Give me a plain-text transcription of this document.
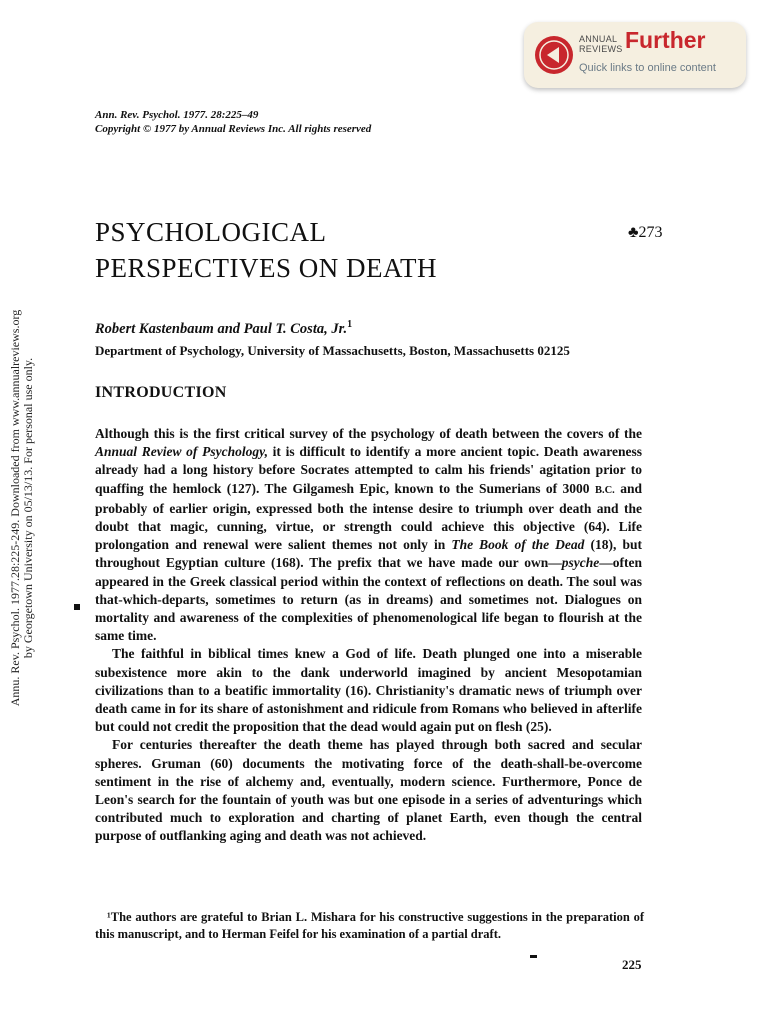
ANNUAL
REVIEWS Further
Quick links to online content
Annu. Rev. Psychol. 1977.28:225-249. Downloaded from www.annualreviews.org by Georgetown University on 05/13/13. For personal use only.
Ann. Rev. Psychol. 1977. 28:225–49
Copyright © 1977 by Annual Reviews Inc. All rights reserved
PSYCHOLOGICAL
PERSPECTIVES ON DEATH
♣273
Robert Kastenbaum and Paul T. Costa, Jr.$^1$
Department of Psychology, University of Massachusetts, Boston, Massachusetts 02125
INTRODUCTION

Although this is the first critical survey of the psychology of death between the covers of the Annual Review of Psychology, it is difficult to identify a more ancient topic. Death awareness already had a long history before Socrates attempted to calm his friends' agitation prior to quaffing the hemlock (127). The Gilgamesh Epic, known to the Sumerians of 3000 B.C. and probably of earlier origin, expressed both the intense desire to triumph over death and the doubt that magic, cunning, virtue, or strength could achieve this objective (64). Life prolongation and renewal were salient themes not only in The Book of the Dead (18), but throughout Egyptian culture (168). The prefix that we have made our own—psyche—often appeared in the Greek classical period within the context of reflections on death. The soul was that-which-departs, sometimes to return (as in dreams) and sometimes not. Dialogues on mortality and awareness of the complexities of phenomenological life began to flourish at the same time.

The faithful in biblical times knew a God of life. Death plunged one into a miserable subexistence more akin to the dank underworld imagined by ancient Mesopotamian civilizations than to a beatific immortality (16). Christianity's dramatic news of triumph over death came in for its share of astonishment and ridicule from Romans who believed in afterlife but could not credit the proposition that the dead would again put on flesh (25).

For centuries thereafter the death theme has played through both sacred and secular spheres. Gruman (60) documents the motivating force of the death-shall-be-overcome sentiment in the rise of alchemy and, eventually, modern science. Furthermore, Ponce de Leon's search for the fountain of youth was but one episode in a series of adventurings which contributed much to exploration and charting of planet Earth, even though the central purpose of outflanking aging and death was not achieved.

¹The authors are grateful to Brian L. Mishara for his constructive suggestions in the preparation of this manuscript, and to Herman Feifel for his examination of a partial draft.
225
